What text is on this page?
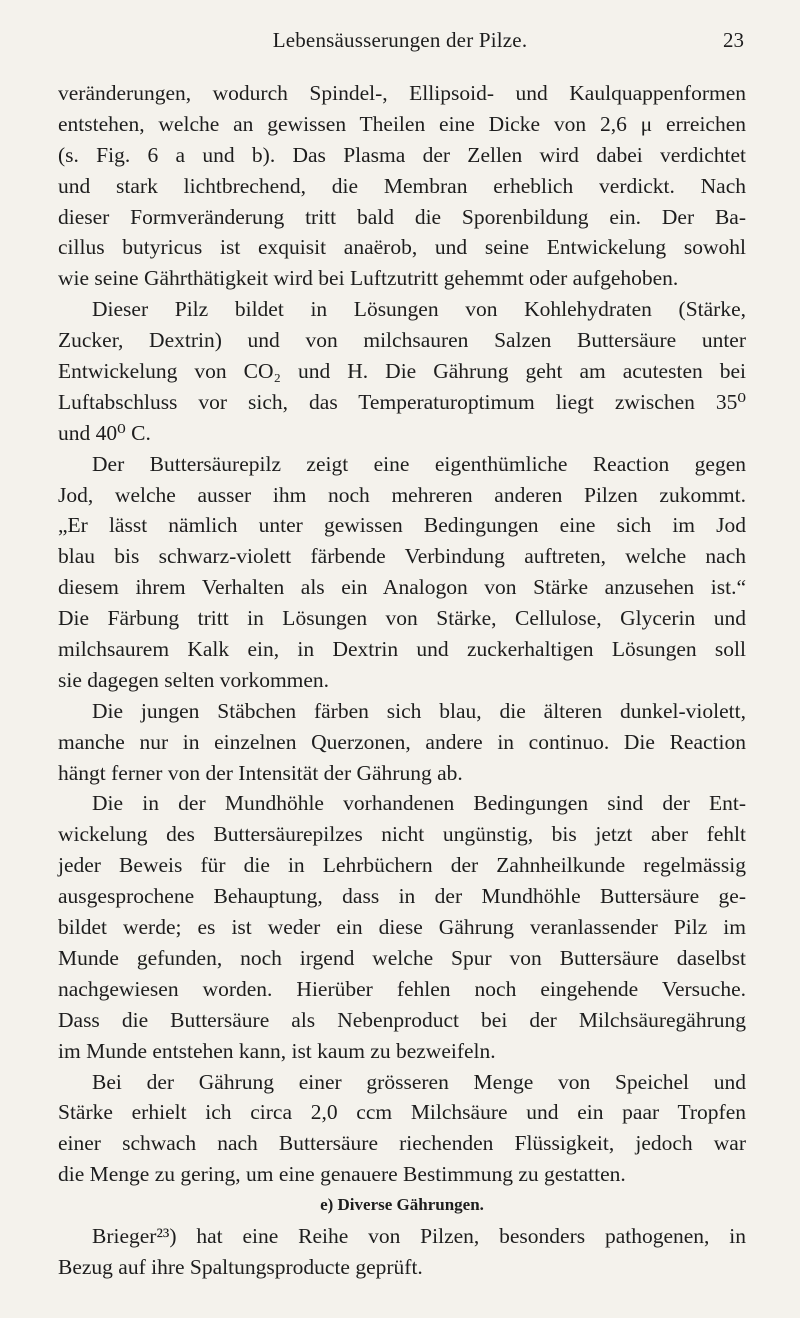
Lebensäusserungen der Pilze.	23
veränderungen, wodurch Spindel-, Ellipsoid- und Kaulquappenformen
entstehen, welche an gewissen Theilen eine Dicke von 2,6 μ erreichen
(s. Fig. 6 a und b). Das Plasma der Zellen wird dabei verdichtet
und stark lichtbrechend, die Membran erheblich verdickt. Nach
dieser Formveränderung tritt bald die Sporenbildung ein. Der Ba-
cillus butyricus ist exquisit anaërob, und seine Entwickelung sowohl
wie seine Gährthätigkeit wird bei Luftzutritt gehemmt oder aufgehoben.
Dieser Pilz bildet in Lösungen von Kohlehydraten (Stärke,
Zucker, Dextrin) und von milchsauren Salzen Buttersäure unter
Entwickelung von CO₂ und H. Die Gährung geht am acutesten bei
Luftabschluss vor sich, das Temperaturoptimum liegt zwischen 35⁰
und 40⁰ C.
Der Buttersäurepilz zeigt eine eigenthümliche Reaction gegen
Jod, welche ausser ihm noch mehreren anderen Pilzen zukommt.
„Er lässt nämlich unter gewissen Bedingungen eine sich im Jod
blau bis schwarz-violett färbende Verbindung auftreten, welche nach
diesem ihrem Verhalten als ein Analogon von Stärke anzusehen ist.“
Die Färbung tritt in Lösungen von Stärke, Cellulose, Glycerin und
milchsaurem Kalk ein, in Dextrin und zuckerhaltigen Lösungen soll
sie dagegen selten vorkommen.
Die jungen Stäbchen färben sich blau, die älteren dunkel-violett,
manche nur in einzelnen Querzonen, andere in continuo. Die Reaction
hängt ferner von der Intensität der Gährung ab.
Die in der Mundhöhle vorhandenen Bedingungen sind der Ent-
wickelung des Buttersäurepilzes nicht ungünstig, bis jetzt aber fehlt
jeder Beweis für die in Lehrbüchern der Zahnheilkunde regelmässig
ausgesprochene Behauptung, dass in der Mundhöhle Buttersäure ge-
bildet werde; es ist weder ein diese Gährung veranlassender Pilz im
Munde gefunden, noch irgend welche Spur von Buttersäure daselbst
nachgewiesen worden. Hierüber fehlen noch eingehende Versuche.
Dass die Buttersäure als Nebenproduct bei der Milchsäuregährung
im Munde entstehen kann, ist kaum zu bezweifeln.
Bei der Gährung einer grösseren Menge von Speichel und
Stärke erhielt ich circa 2,0 ccm Milchsäure und ein paar Tropfen
einer schwach nach Buttersäure riechenden Flüssigkeit, jedoch war
die Menge zu gering, um eine genauere Bestimmung zu gestatten.
e) Diverse Gährungen.
Brieger²³) hat eine Reihe von Pilzen, besonders pathogenen, in
Bezug auf ihre Spaltungsproducte geprüft.
